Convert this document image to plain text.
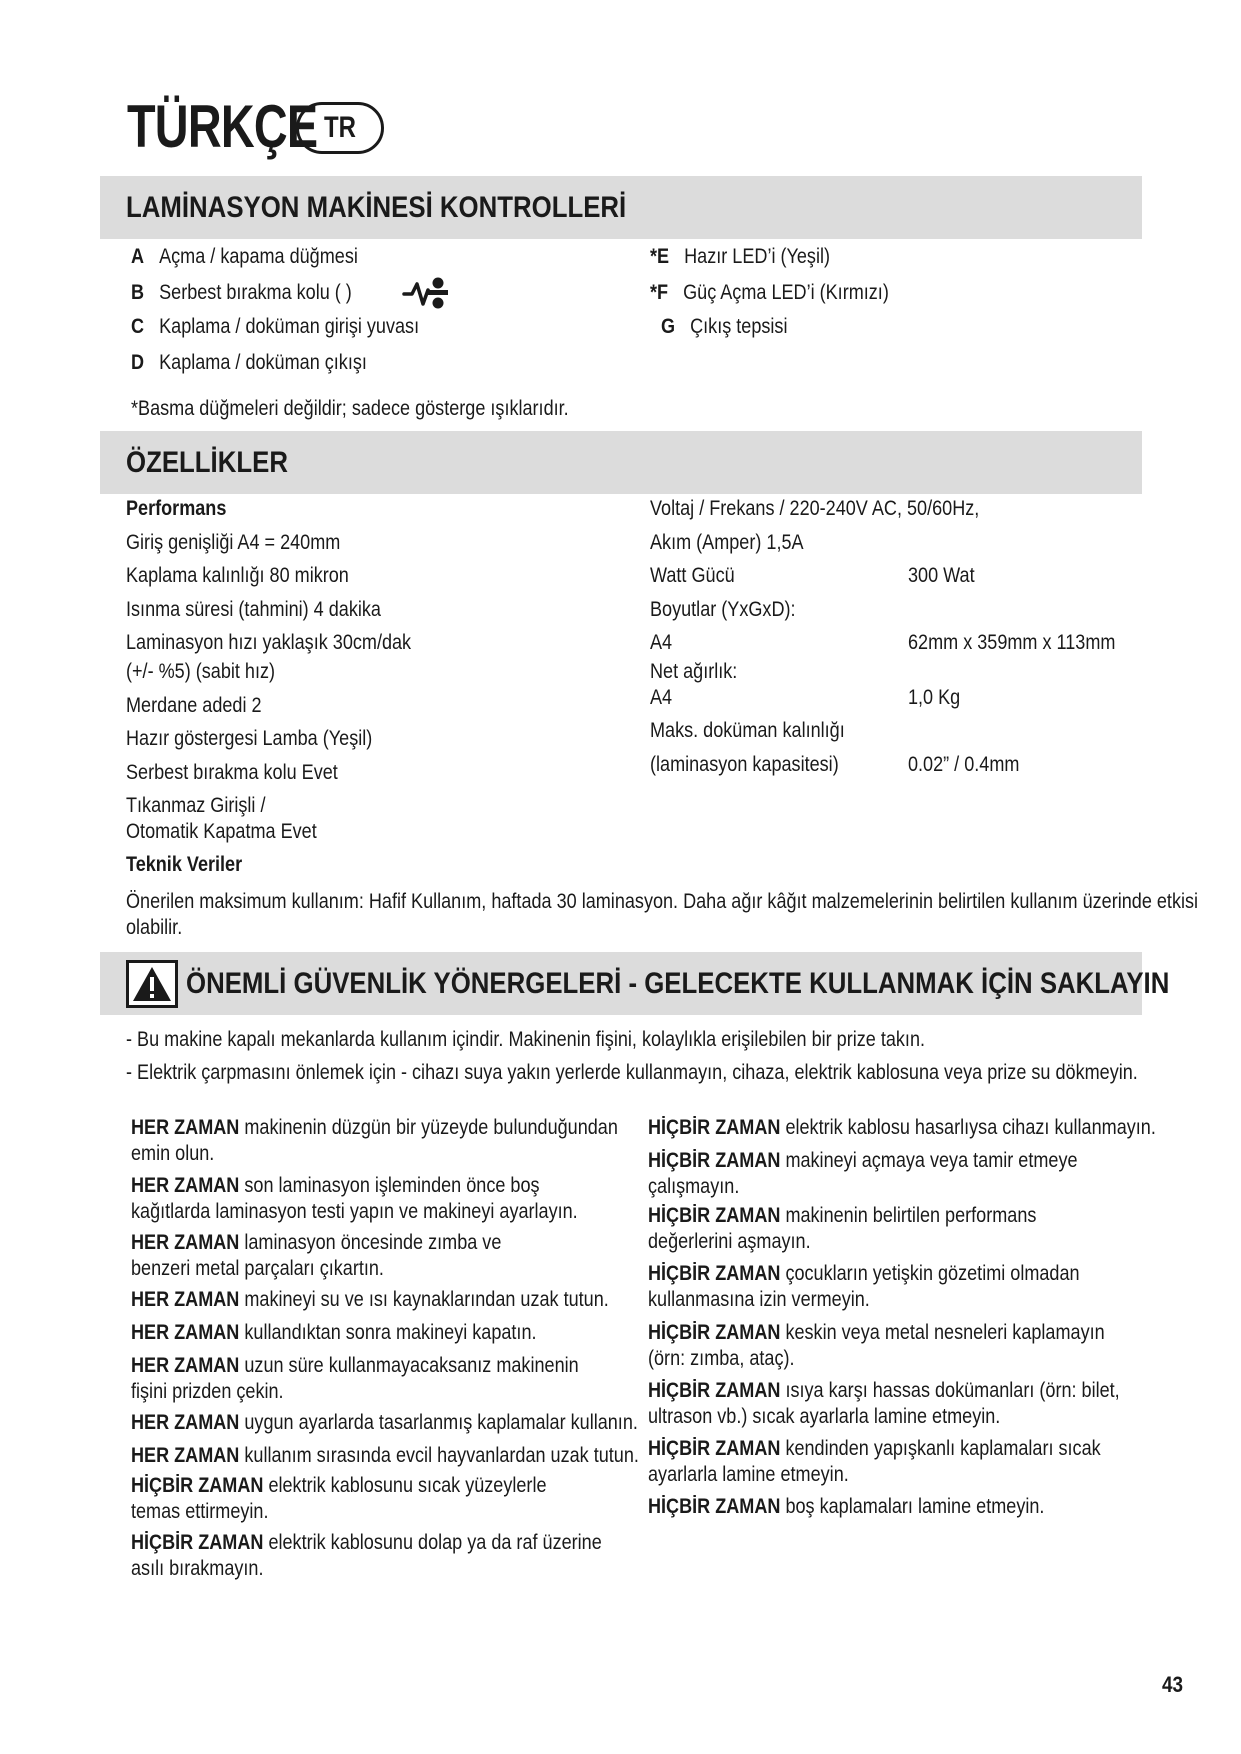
TÜRKÇE TR
LAMİNASYON MAKİNESİ KONTROLLERİ
A Açma / kapama düğmesi
B Serbest bırakma kolu ( )
C Kaplama / doküman girişi yuvası
D Kaplama / doküman çıkışı
*E Hazır LED’i (Yeşil)
*F Güç Açma LED’i (Kırmızı)
G Çıkış tepsisi
*Basma düğmeleri değildir; sadece gösterge ışıklarıdır.
ÖZELLİKLER
Performans
Giriş genişliği A4 = 240mm
Kaplama kalınlığı 80 mikron
Isınma süresi (tahmini) 4 dakika
Laminasyon hızı yaklaşık 30cm/dak
(+/- %5) (sabit hız)
Merdane adedi 2
Hazır göstergesi Lamba (Yeşil)
Serbest bırakma kolu Evet
Tıkanmaz Girişli /
Otomatik Kapatma Evet
Teknik Veriler
Voltaj / Frekans / 220-240V AC, 50/60Hz,
Akım (Amper) 1,5A
Watt Gücü	300 Wat
Boyutlar (YxGxD):
A4	62mm x 359mm x 113mm
Net ağırlık:
A4	1,0 Kg
Maks. doküman kalınlığı
(laminasyon kapasitesi)	0.02” / 0.4mm
Önerilen maksimum kullanım: Hafif Kullanım, haftada 30 laminasyon. Daha ağır kâğıt malzemelerinin belirtilen kullanım üzerinde etkisi olabilir.
ÖNEMLİ GÜVENLİK YÖNERGELERİ - GELECEKTE KULLANMAK İÇİN SAKLAYIN
- Bu makine kapalı mekanlarda kullanım içindir. Makinenin fişini, kolaylıkla erişilebilen bir prize takın.
- Elektrik çarpmasını önlemek için - cihazı suya yakın yerlerde kullanmayın, cihaza, elektrik kablosuna veya prize su dökmeyin.
HER ZAMAN makinenin düzgün bir yüzeyde bulunduğundan emin olun.
HER ZAMAN son laminasyon işleminden önce boş kağıtlarda laminasyon testi yapın ve makineyi ayarlayın.
HER ZAMAN laminasyon öncesinde zımba ve benzeri metal parçaları çıkartın.
HER ZAMAN makineyi su ve ısı kaynaklarından uzak tutun.
HER ZAMAN kullandıktan sonra makineyi kapatın.
HER ZAMAN uzun süre kullanmayacaksanız makinenin fişini prizden çekin.
HER ZAMAN uygun ayarlarda tasarlanmış kaplamalar kullanın.
HER ZAMAN kullanım sırasında evcil hayvanlardan uzak tutun.
HİÇBİR ZAMAN elektrik kablosunu sıcak yüzeylerle temas ettirmeyin.
HİÇBİR ZAMAN elektrik kablosunu dolap ya da raf üzerine asılı bırakmayın.
HİÇBİR ZAMAN elektrik kablosu hasarlıysa cihazı kullanmayın.
HİÇBİR ZAMAN makineyi açmaya veya tamir etmeye çalışmayın.
HİÇBİR ZAMAN makinenin belirtilen performans değerlerini aşmayın.
HİÇBİR ZAMAN çocukların yetişkin gözetimi olmadan kullanmasına izin vermeyin.
HİÇBİR ZAMAN keskin veya metal nesneleri kaplamayın (örn: zımba, ataç).
HİÇBİR ZAMAN ısıya karşı hassas dokümanları (örn: bilet, ultrason vb.) sıcak ayarlarla lamine etmeyin.
HİÇBİR ZAMAN kendinden yapışkanlı kaplamaları sıcak ayarlarla lamine etmeyin.
HİÇBİR ZAMAN boş kaplamaları lamine etmeyin.
43
